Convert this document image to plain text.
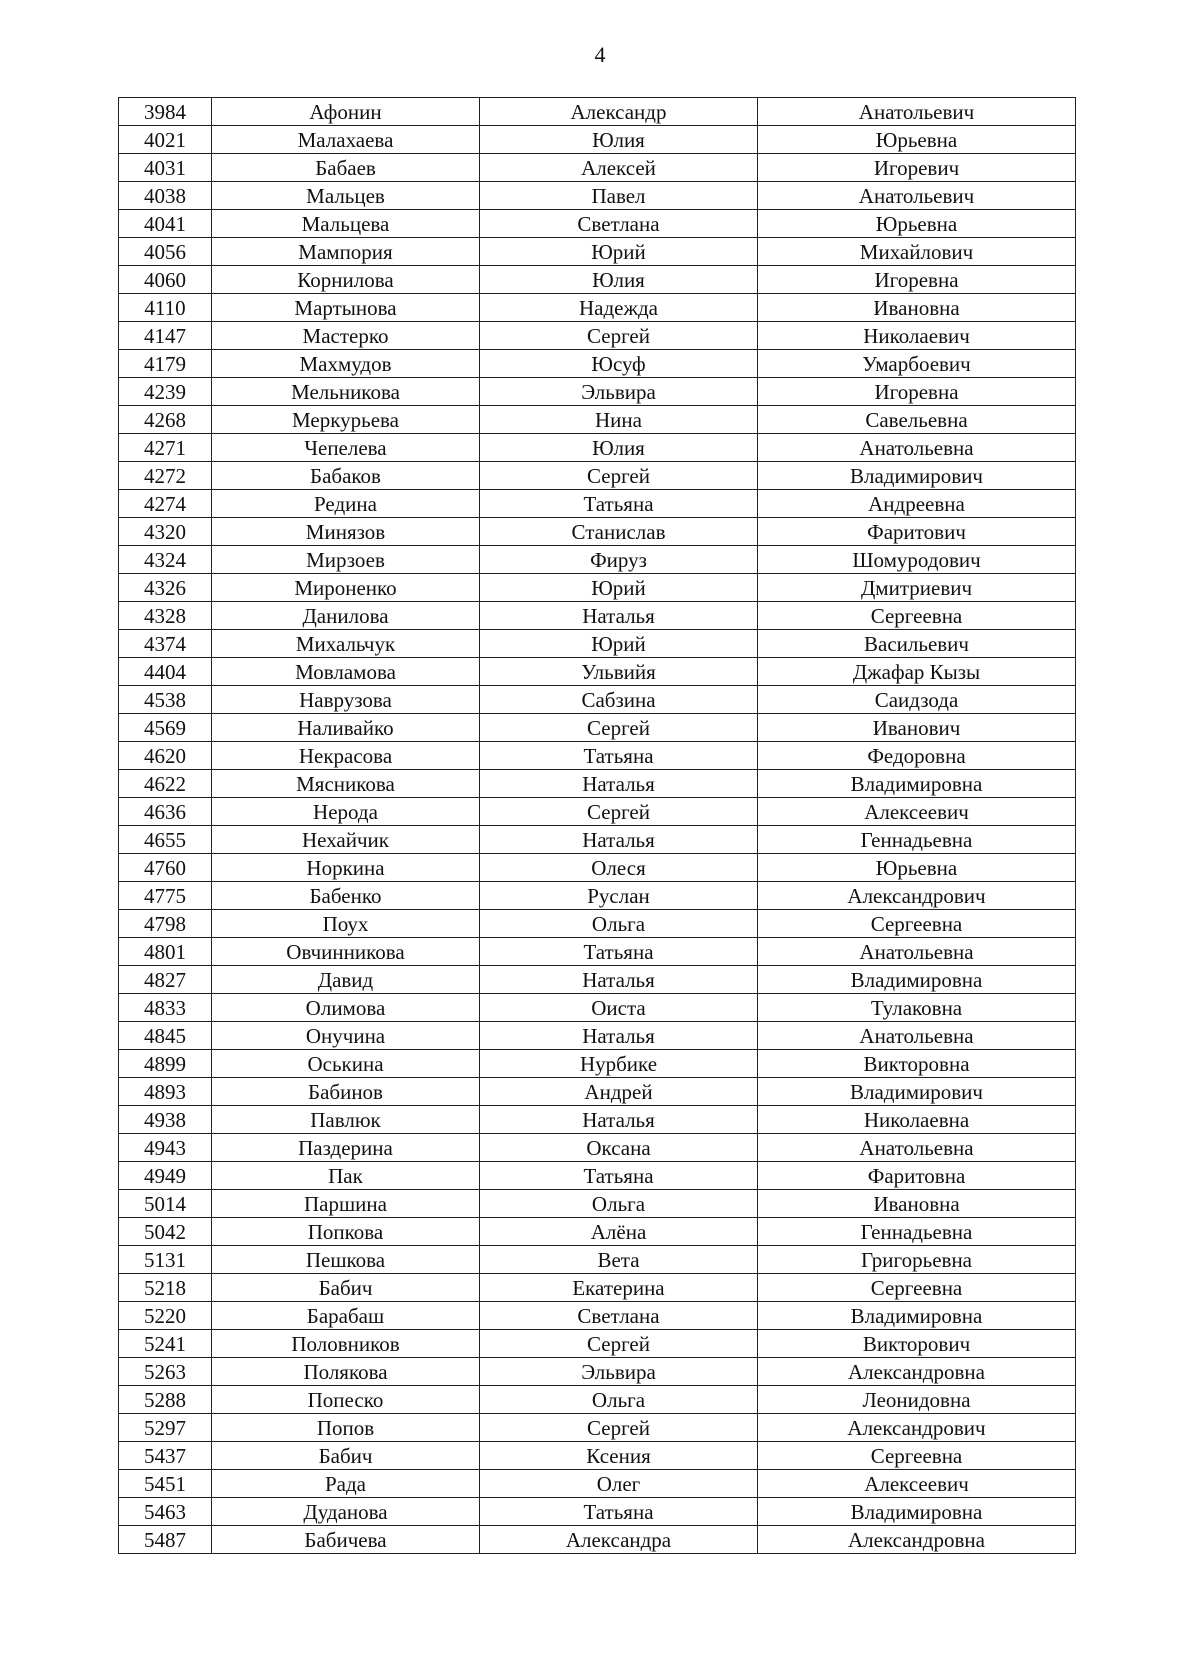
4
3984	Афонин	Александр	Анатольевич
4021	Малахаева	Юлия	Юрьевна
4031	Бабаев	Алексей	Игоревич
4038	Мальцев	Павел	Анатольевич
4041	Мальцева	Светлана	Юрьевна
4056	Мампория	Юрий	Михайлович
4060	Корнилова	Юлия	Игоревна
4110	Мартынова	Надежда	Ивановна
4147	Мастерко	Сергей	Николаевич
4179	Махмудов	Юсуф	Умарбоевич
4239	Мельникова	Эльвира	Игоревна
4268	Меркурьева	Нина	Савельевна
4271	Чепелева	Юлия	Анатольевна
4272	Бабаков	Сергей	Владимирович
4274	Редина	Татьяна	Андреевна
4320	Минязов	Станислав	Фаритович
4324	Мирзоев	Фируз	Шомуродович
4326	Мироненко	Юрий	Дмитриевич
4328	Данилова	Наталья	Сергеевна
4374	Михальчук	Юрий	Васильевич
4404	Мовламова	Ульвийя	Джафар Кызы
4538	Наврузова	Сабзина	Саидзода
4569	Наливайко	Сергей	Иванович
4620	Некрасова	Татьяна	Федоровна
4622	Мясникова	Наталья	Владимировна
4636	Нерода	Сергей	Алексеевич
4655	Нехайчик	Наталья	Геннадьевна
4760	Норкина	Олеся	Юрьевна
4775	Бабенко	Руслан	Александрович
4798	Поух	Ольга	Сергеевна
4801	Овчинникова	Татьяна	Анатольевна
4827	Давид	Наталья	Владимировна
4833	Олимова	Оиста	Тулаковна
4845	Онучина	Наталья	Анатольевна
4899	Оськина	Нурбике	Викторовна
4893	Бабинов	Андрей	Владимирович
4938	Павлюк	Наталья	Николаевна
4943	Паздерина	Оксана	Анатольевна
4949	Пак	Татьяна	Фаритовна
5014	Паршина	Ольга	Ивановна
5042	Попкова	Алёна	Геннадьевна
5131	Пешкова	Вета	Григорьевна
5218	Бабич	Екатерина	Сергеевна
5220	Барабаш	Светлана	Владимировна
5241	Половников	Сергей	Викторович
5263	Полякова	Эльвира	Александровна
5288	Попеско	Ольга	Леонидовна
5297	Попов	Сергей	Александрович
5437	Бабич	Ксения	Сергеевна
5451	Рада	Олег	Алексеевич
5463	Дуданова	Татьяна	Владимировна
5487	Бабичева	Александра	Александровна
